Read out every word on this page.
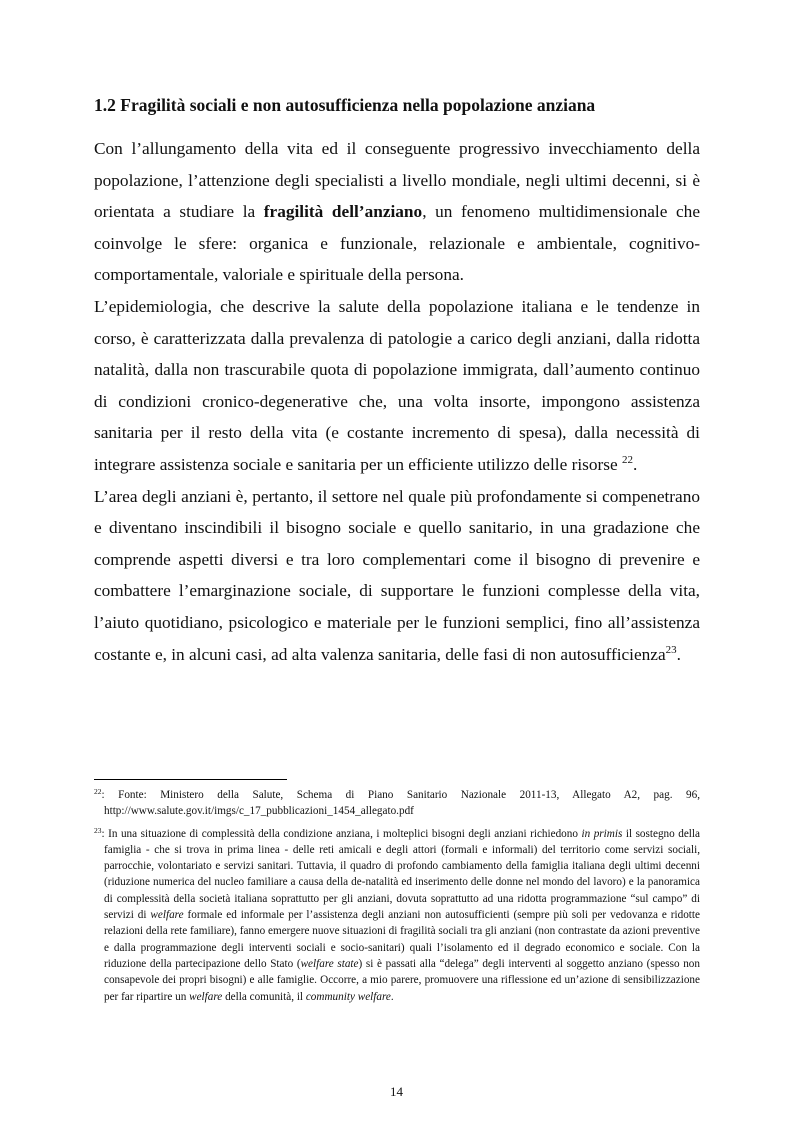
1.2 Fragilità sociali e non autosufficienza nella popolazione anziana

Con l’allungamento della vita ed il conseguente progressivo invecchiamento della popolazione, l’attenzione degli specialisti a livello mondiale, negli ultimi decenni, si è orientata a studiare la fragilità dell’anziano, un fenomeno multidimensionale che coinvolge le sfere: organica e funzionale, relazionale e ambientale, cognitivo-comportamentale, valoriale e spirituale della persona.

L’epidemiologia, che descrive la salute della popolazione italiana e le tendenze in corso, è caratterizzata dalla prevalenza di patologie a carico degli anziani, dalla ridotta natalità, dalla non trascurabile quota di popolazione immigrata, dall’aumento continuo di condizioni cronico-degenerative che, una volta insorte, impongono assistenza sanitaria per il resto della vita (e costante incremento di spesa), dalla necessità di integrare assistenza sociale e sanitaria per un efficiente utilizzo delle risorse $^{22}$.

L’area degli anziani è, pertanto, il settore nel quale più profondamente si compenetrano e diventano inscindibili il bisogno sociale e quello sanitario, in una gradazione che comprende aspetti diversi e tra loro complementari come il bisogno di prevenire e combattere l’emarginazione sociale, di supportare le funzioni complesse della vita, l’aiuto quotidiano, psicologico e materiale per le funzioni semplici, fino all’assistenza costante e, in alcuni casi, ad alta valenza sanitaria, delle fasi di non autosufficienza$^{23}$.

$^{22}$: Fonte: Ministero della Salute, Schema di Piano Sanitario Nazionale 2011-13, Allegato A2, pag. 96, http://www.salute.gov.it/imgs/c_17_pubblicazioni_1454_allegato.pdf

$^{23}$: In una situazione di complessità della condizione anziana, i molteplici bisogni degli anziani richiedono in primis il sostegno della famiglia - che si trova in prima linea - delle reti amicali e degli attori (formali e informali) del territorio come servizi sociali, parrocchie, volontariato e servizi sanitari. Tuttavia, il quadro di profondo cambiamento della famiglia italiana degli ultimi decenni (riduzione numerica del nucleo familiare a causa della de-natalità ed inserimento delle donne nel mondo del lavoro) e la panoramica di complessità della società italiana soprattutto per gli anziani, dovuta soprattutto ad una ridotta programmazione “sul campo” di servizi di welfare formale ed informale per l’assistenza degli anziani non autosufficienti (sempre più soli per vedovanza e ridotte relazioni della rete familiare), fanno emergere nuove situazioni di fragilità sociali tra gli anziani (non contrastate da azioni preventive e dalla programmazione degli interventi sociali e socio-sanitari) quali l’isolamento ed il degrado economico e sociale. Con la riduzione della partecipazione dello Stato (welfare state) si è passati alla “delega” degli interventi al soggetto anziano (spesso non consapevole dei propri bisogni) e alle famiglie. Occorre, a mio parere, promuovere una riflessione ed un’azione di sensibilizzazione per far ripartire un welfare della comunità, il community welfare.

14
